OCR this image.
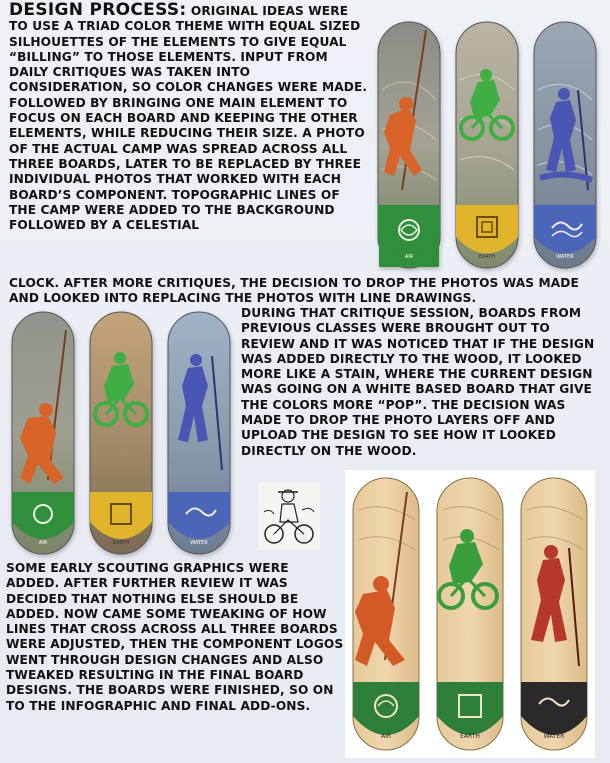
DESIGN PROCESS: ORIGINAL IDEAS WERE TO USE A TRIAD COLOR THEME WITH EQUAL SIZED SILHOUETTES OF THE ELEMENTS TO GIVE EQUAL “BILLING” TO THOSE ELEMENTS. INPUT FROM DAILY CRITIQUES WAS TAKEN INTO CONSIDERATION, SO COLOR CHANGES WERE MADE. FOLLOWED BY BRINGING ONE MAIN ELEMENT TO FOCUS ON EACH BOARD AND KEEPING THE OTHER ELEMENTS, WHILE REDUCING THEIR SIZE. A PHOTO OF THE ACTUAL CAMP WAS SPREAD ACROSS ALL THREE BOARDS, LATER TO BE REPLACED BY THREE INDIVIDUAL PHOTOS THAT WORKED WITH EACH BOARD’S COMPONENT. TOPOGRAPHIC LINES OF THE CAMP WERE ADDED TO THE BACKGROUND FOLLOWED BY A CELESTIAL
CLOCK. AFTER MORE CRITIQUES, THE DECISION TO DROP THE PHOTOS WAS MADE AND LOOKED INTO REPLACING THE PHOTOS WITH LINE DRAWINGS.
DURING THAT CRITIQUE SESSION, BOARDS FROM PREVIOUS CLASSES WERE BROUGHT OUT TO REVIEW AND IT WAS NOTICED THAT IF THE DESIGN WAS ADDED DIRECTLY TO THE WOOD, IT LOOKED MORE LIKE A STAIN, WHERE THE CURRENT DESIGN WAS GOING ON A WHITE BASED BOARD THAT GIVE THE COLORS MORE “POP”. THE DECISION WAS MADE TO DROP THE PHOTO LAYERS OFF AND UPLOAD THE DESIGN TO SEE HOW IT LOOKED DIRECTLY ON THE WOOD.
SOME EARLY SCOUTING GRAPHICS WERE ADDED. AFTER FURTHER REVIEW IT WAS DECIDED THAT NOTHING ELSE SHOULD BE ADDED. NOW CAME SOME TWEAKING OF HOW LINES THAT CROSS ACROSS ALL THREE BOARDS WERE ADJUSTED, THEN THE COMPONENT LOGOS WENT THROUGH DESIGN CHANGES AND ALSO TWEAKED RESULTING IN THE FINAL BOARD DESIGNS. THE BOARDS WERE FINISHED, SO ON TO THE INFOGRAPHIC AND FINAL ADD-ONS.
AIR	EARTH	WATER
AIR	EARTH	WATER
AIR	EARTH	WATER
